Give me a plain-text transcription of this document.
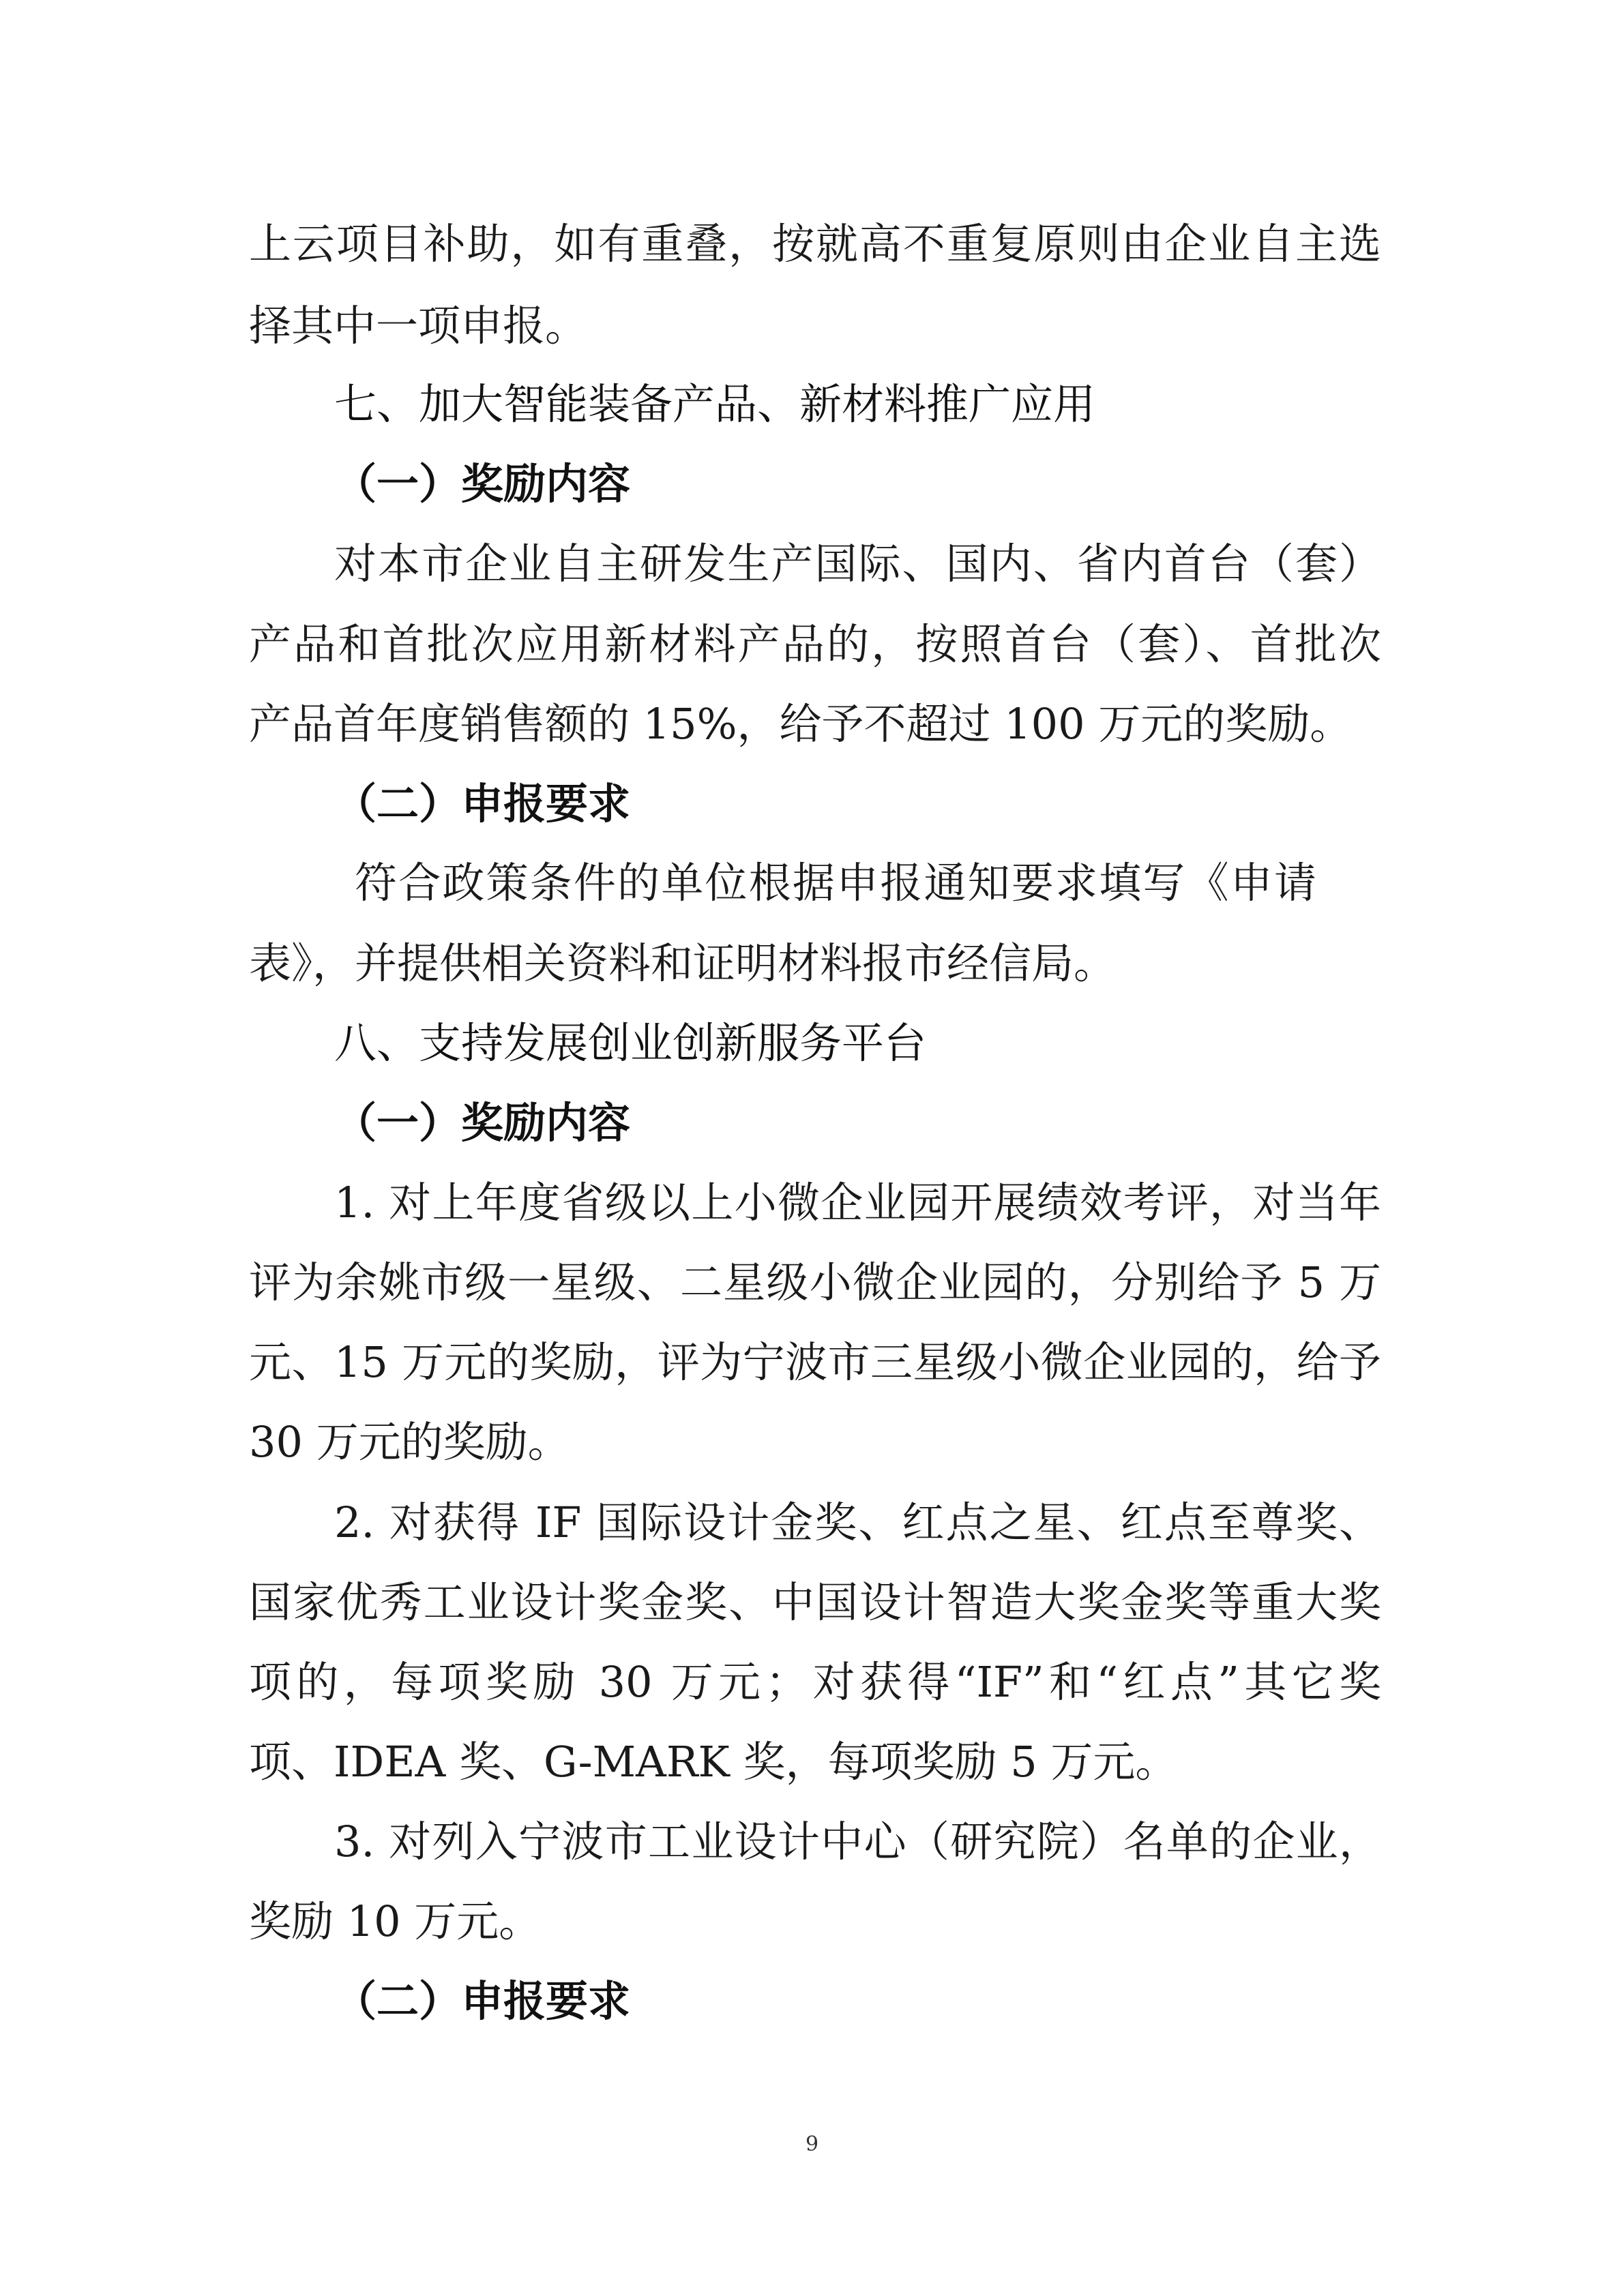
上云项目补助，如有重叠，按就高不重复原则由企业自主选
择其中一项申报。
七、加大智能装备产品、新材料推广应用
（一）奖励内容
对本市企业自主研发生产国际、国内、省内首台（套）
产品和首批次应用新材料产品的，按照首台（套）、首批次
产品首年度销售额的 15%，给予不超过 100 万元的奖励。
（二）申报要求
符合政策条件的单位根据申报通知要求填写《申请
表》，并提供相关资料和证明材料报市经信局。
八、支持发展创业创新服务平台
（一）奖励内容
1. 对上年度省级以上小微企业园开展绩效考评，对当年
评为余姚市级一星级、二星级小微企业园的，分别给予 5 万
元、15 万元的奖励，评为宁波市三星级小微企业园的，给予
30 万元的奖励。
2. 对获得 IF 国际设计金奖、红点之星、红点至尊奖、
国家优秀工业设计奖金奖、中国设计智造大奖金奖等重大奖
项的，每项奖励 30 万元；对获得“IF”和“红点”其它奖
项、IDEA 奖、G-MARK 奖，每项奖励 5 万元。
3. 对列入宁波市工业设计中心（研究院）名单的企业，
奖励 10 万元。
（二）申报要求
9
